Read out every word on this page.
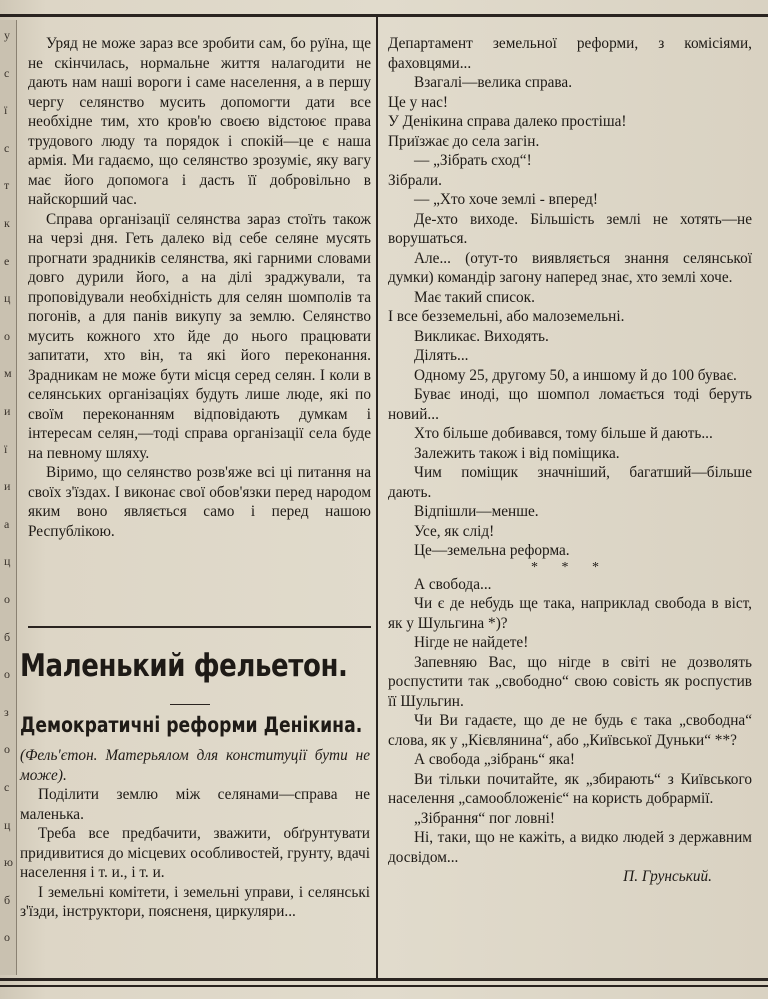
у
с
ї
с
т
к
е
ц
о
м
и
ї
и
а
ц
о
б
о
з
о
с
ц
ю
б
о

Уряд не може зараз все зробити сам, бо руїна, ще не скінчилась, нормальне життя налагодити не дають нам наші вороги і саме населення, а в першу чергу селянство мусить допомогти дати все необхідне тим, хто кров'ю своєю відстоює права трудового люду та порядок і спокій—це є наша армія. Ми гадаємо, що селянство зрозуміє, яку вагу має його допомога і дасть її добровільно в найскорший час.

Справа організації селянства зараз стоїть також на черзі дня. Геть далеко від себе селяне мусять прогнати зрадників селянства, які гарними словами довго дурили його, а на ділі зраджували, та проповідували необхідність для селян шомполів та погонів, а для панів викупу за землю. Селянство мусить кожного хто йде до нього працювати запитати, хто він, та які його переконання. Зрадникам не може бути місця серед селян. І коли в селянських організаціях будуть лише люде, які по своїм переконанням відповідають думкам і інтересам селян,—тоді справа організації села буде на певному шляху.

Віримо, що селянство розв'яже всі ці питання на своїх з'їздах. І виконає свої обов'язки перед народом яким воно являється само і перед нашою Республікою.

Маленький фельетон.
Демократичні реформи Денікина.

(Фель'єтон. Матерьялом для конституції бути не може).

Поділити землю між селянами—справа не маленька.

Треба все предбачити, зважити, обґрунтувати придивитися до місцевих особливостей, грунту, вдачі населення і т. и., і т. и.

І земельні комітети, і земельні управи, і селянські з'їзди, інструктори, поясненя, циркуляри...

Департамент земельної реформи, з комісіями, фаховцями...

Взагалі—велика справа.

Це у нас!

У Денікина справа далеко простіша!

Приїзжає до села загін.

— „Зібрать сход“!

Зібрали.

— „Хто хоче землі - вперед!

Де-хто виходе. Більшість землі не хотять—не ворушаться.

Але... (отут-то виявляється знання селянської думки) командір загону наперед знає, хто землі хоче.

Має такий список.

І все безземельні, або малоземельні.

Викликає. Виходять.

Ділять...

Одному 25, другому 50, а иншому й до 100 буває.

Буває иноді, що шомпол ломається тоді беруть новий...

Хто більше добивався, тому більше й дають...

Залежить також і від поміщика.

Чим поміщик значніший, багатший—більше дають.

Відпішли—менше.

Усе, як слід!

Це—земельна реформа.

* * *

А свобода...

Чи є де небудь ще така, наприклад свобода в віст, як у Шульгина *)?

Нігде не найдете!

Запевняю Вас, що нігде в світі не дозволять роспустити так „свободно“ свою совість як роспустив її Шульгин.

Чи Ви гадаєте, що де не будь є така „свободна“ слова, як у „Кієвлянина“, або „Київської Дуньки“ **?

А свобода „зібрань“ яка!

Ви тільки почитайте, як „збирають“ з Київського населення „самообложеніє“ на користь добрармії.

„Зібрання“ пог ловні!

Ні, таки, що не кажіть, а видко людей з державним досвідом...

П. Грунський.
